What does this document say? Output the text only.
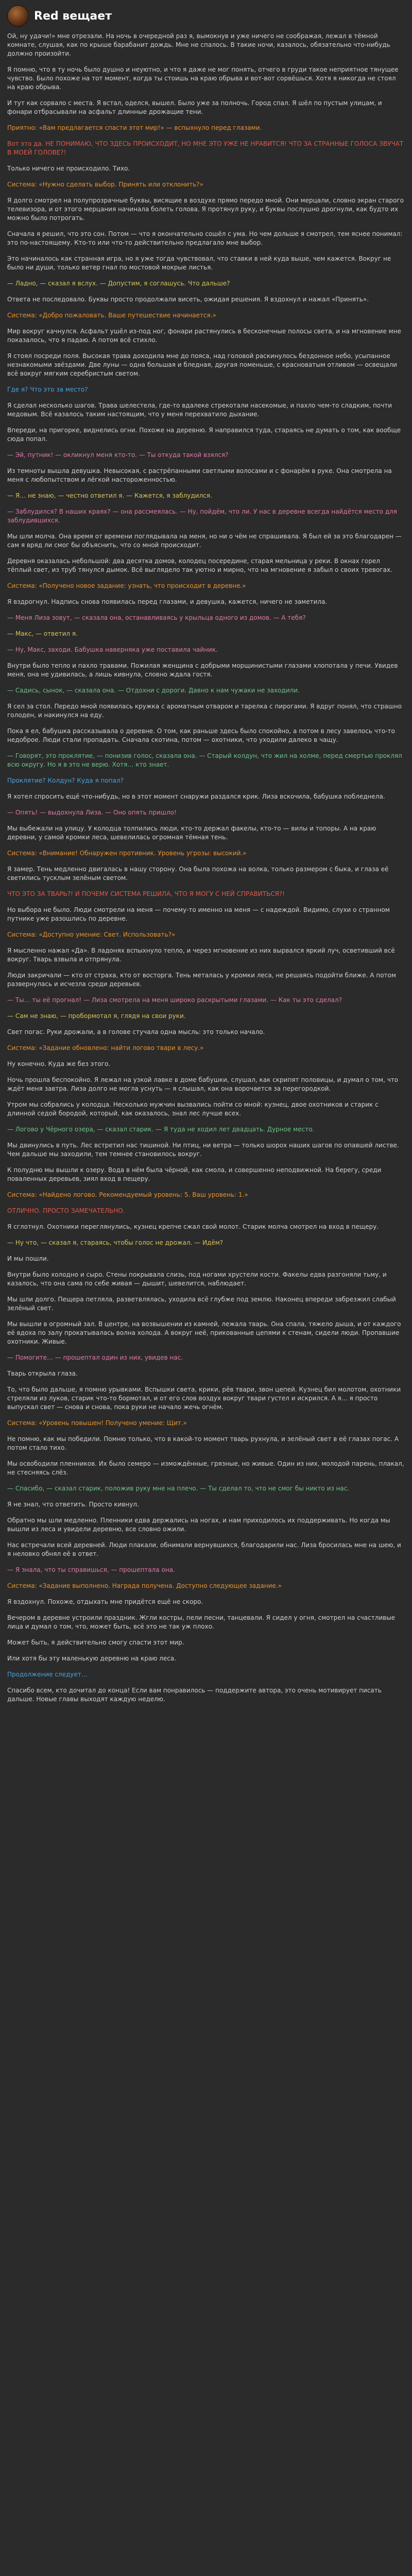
Red вещает

Ой, ну удачи!» мне отрезали. На ночь в очередной раз я, вымокнув и уже ничего не соображая, лежал в тёмной комнате, слушая, как по крыше барабанит дождь. Мне не спалось. В такие ночи, казалось, обязательно что-нибудь должно произойти.

Я помню, что в ту ночь было душно и неуютно, и что я даже не мог понять, отчего в груди такое неприятное тянущее чувство. Было похоже на тот момент, когда ты стоишь на краю обрыва и вот-вот сорвёшься. Хотя я никогда не стоял на краю обрыва.

И тут как сорвало с места. Я встал, оделся, вышел. Было уже за полночь. Город спал. Я шёл по пустым улицам, и фонари отбрасывали на асфальт длинные дрожащие тени.

Приятно: «Вам предлагается спасти этот мир!» — вспыхнуло перед глазами.

Вот это да. НЕ ПОНИМАЮ, ЧТО ЗДЕСЬ ПРОИСХОДИТ, НО МНЕ ЭТО УЖЕ НЕ НРАВИТСЯ! ЧТО ЗА СТРАННЫЕ ГОЛОСА ЗВУЧАТ В МОЕЙ ГОЛОВЕ?!

Только ничего не происходило. Тихо.

Система: «Нужно сделать выбор. Принять или отклонить?»

Я долго смотрел на полупрозрачные буквы, висящие в воздухе прямо передо мной. Они мерцали, словно экран старого телевизора, и от этого мерцания начинала болеть голова. Я протянул руку, и буквы послушно дрогнули, как будто их можно было потрогать.

Сначала я решил, что это сон. Потом — что я окончательно сошёл с ума. Но чем дольше я смотрел, тем яснее понимал: это по-настоящему. Кто-то или что-то действительно предлагало мне выбор.

Это начиналось как странная игра, но я уже тогда чувствовал, что ставки в ней куда выше, чем кажется. Вокруг не было ни души, только ветер гнал по мостовой мокрые листья.

— Ладно, — сказал я вслух. — Допустим, я соглашусь. Что дальше?

Ответа не последовало. Буквы просто продолжали висеть, ожидая решения. Я вздохнул и нажал «Принять».

Система: «Добро пожаловать. Ваше путешествие начинается.»

Мир вокруг качнулся. Асфальт ушёл из-под ног, фонари растянулись в бесконечные полосы света, и на мгновение мне показалось, что я падаю. А потом всё стихло.

Я стоял посреди поля. Высокая трава доходила мне до пояса, над головой раскинулось бездонное небо, усыпанное незнакомыми звёздами. Две луны — одна большая и бледная, другая поменьше, с красноватым отливом — освещали всё вокруг мягким серебристым светом.

Где я? Что это за место?

Я сделал несколько шагов. Трава шелестела, где-то вдалеке стрекотали насекомые, и пахло чем-то сладким, почти медовым. Всё казалось таким настоящим, что у меня перехватило дыхание.

Впереди, на пригорке, виднелись огни. Похоже на деревню. Я направился туда, стараясь не думать о том, как вообще сюда попал.

— Эй, путник! — окликнул меня кто-то. — Ты откуда такой взялся?

Из темноты вышла девушка. Невысокая, с растрёпанными светлыми волосами и с фонарём в руке. Она смотрела на меня с любопытством и лёгкой настороженностью.

— Я… не знаю, — честно ответил я. — Кажется, я заблудился.

— Заблудился? В наших краях? — она рассмеялась. — Ну, пойдём, что ли. У нас в деревне всегда найдётся место для заблудившихся.

Мы шли молча. Она время от времени поглядывала на меня, но ни о чём не спрашивала. Я был ей за это благодарен — сам я вряд ли смог бы объяснить, что со мной происходит.

Деревня оказалась небольшой: два десятка домов, колодец посередине, старая мельница у реки. В окнах горел тёплый свет, из труб тянулся дымок. Всё выглядело так уютно и мирно, что на мгновение я забыл о своих тревогах.

Система: «Получено новое задание: узнать, что происходит в деревне.»

Я вздрогнул. Надпись снова появилась перед глазами, и девушка, кажется, ничего не заметила.

— Меня Лиза зовут, — сказала она, останавливаясь у крыльца одного из домов. — А тебя?

— Макс, — ответил я.

— Ну, Макс, заходи. Бабушка наверняка уже поставила чайник.

Внутри было тепло и пахло травами. Пожилая женщина с добрыми морщинистыми глазами хлопотала у печи. Увидев меня, она не удивилась, а лишь кивнула, словно ждала гостя.

— Садись, сынок, — сказала она. — Отдохни с дороги. Давно к нам чужаки не заходили.

Я сел за стол. Передо мной появилась кружка с ароматным отваром и тарелка с пирогами. Я вдруг понял, что страшно голоден, и накинулся на еду.

Пока я ел, бабушка рассказывала о деревне. О том, как раньше здесь было спокойно, а потом в лесу завелось что-то недоброе. Люди стали пропадать. Сначала скотина, потом — охотники, что уходили далеко в чащу.

— Говорят, это проклятие, — понизив голос, сказала она. — Старый колдун, что жил на холме, перед смертью проклял всю округу. Но я в это не верю. Хотя… кто знает.

Проклятие? Колдун? Куда я попал?

Я хотел спросить ещё что-нибудь, но в этот момент снаружи раздался крик. Лиза вскочила, бабушка побледнела.

— Опять! — выдохнула Лиза. — Оно опять пришло!

Мы выбежали на улицу. У колодца толпились люди, кто-то держал факелы, кто-то — вилы и топоры. А на краю деревни, у самой кромки леса, шевелилась огромная тёмная тень.

Система: «Внимание! Обнаружен противник. Уровень угрозы: высокий.»

Я замер. Тень медленно двигалась в нашу сторону. Она была похожа на волка, только размером с быка, и глаза её светились тусклым зелёным светом.

ЧТО ЭТО ЗА ТВАРЬ?! И ПОЧЕМУ СИСТЕМА РЕШИЛА, ЧТО Я МОГУ С НЕЙ СПРАВИТЬСЯ?!

Но выбора не было. Люди смотрели на меня — почему-то именно на меня — с надеждой. Видимо, слухи о странном путнике уже разошлись по деревне.

Система: «Доступно умение: Свет. Использовать?»

Я мысленно нажал «Да». В ладонях вспыхнуло тепло, и через мгновение из них вырвался яркий луч, осветивший всё вокруг. Тварь взвыла и отпрянула.

Люди закричали — кто от страха, кто от восторга. Тень металась у кромки леса, не решаясь подойти ближе. А потом развернулась и исчезла среди деревьев.

— Ты… ты её прогнал! — Лиза смотрела на меня широко раскрытыми глазами. — Как ты это сделал?

— Сам не знаю, — пробормотал я, глядя на свои руки.

Свет погас. Руки дрожали, а в голове стучала одна мысль: это только начало.

Система: «Задание обновлено: найти логово твари в лесу.»

Ну конечно. Куда же без этого.

Ночь прошла беспокойно. Я лежал на узкой лавке в доме бабушки, слушал, как скрипят половицы, и думал о том, что ждёт меня завтра. Лиза долго не могла уснуть — я слышал, как она ворочается за перегородкой.

Утром мы собрались у колодца. Несколько мужчин вызвались пойти со мной: кузнец, двое охотников и старик с длинной седой бородой, который, как оказалось, знал лес лучше всех.

— Логово у Чёрного озера, — сказал старик. — Я туда не ходил лет двадцать. Дурное место.

Мы двинулись в путь. Лес встретил нас тишиной. Ни птиц, ни ветра — только шорох наших шагов по опавшей листве. Чем дальше мы заходили, тем темнее становилось вокруг.

К полудню мы вышли к озеру. Вода в нём была чёрной, как смола, и совершенно неподвижной. На берегу, среди поваленных деревьев, зиял вход в пещеру.

Система: «Найдено логово. Рекомендуемый уровень: 5. Ваш уровень: 1.»

ОТЛИЧНО. ПРОСТО ЗАМЕЧАТЕЛЬНО.

Я сглотнул. Охотники переглянулись, кузнец крепче сжал свой молот. Старик молча смотрел на вход в пещеру.

— Ну что, — сказал я, стараясь, чтобы голос не дрожал. — Идём?

И мы пошли.

Внутри было холодно и сыро. Стены покрывала слизь, под ногами хрустели кости. Факелы едва разгоняли тьму, и казалось, что она сама по себе живая — дышит, шевелится, наблюдает.

Мы шли долго. Пещера петляла, разветвлялась, уходила всё глубже под землю. Наконец впереди забрезжил слабый зелёный свет.

Мы вышли в огромный зал. В центре, на возвышении из камней, лежала тварь. Она спала, тяжело дыша, и от каждого её вдоха по залу прокатывалась волна холода. А вокруг неё, прикованные цепями к стенам, сидели люди. Пропавшие охотники. Живые.

— Помогите… — прошептал один из них, увидев нас.

Тварь открыла глаза.

То, что было дальше, я помню урывками. Вспышки света, крики, рёв твари, звон цепей. Кузнец бил молотом, охотники стреляли из луков, старик что-то бормотал, и от его слов воздух вокруг твари густел и искрился. А я… я просто выпускал свет — снова и снова, пока руки не начало жечь огнём.

Система: «Уровень повышен! Получено умение: Щит.»

Не помню, как мы победили. Помню только, что в какой-то момент тварь рухнула, и зелёный свет в её глазах погас. А потом стало тихо.

Мы освободили пленников. Их было семеро — измождённые, грязные, но живые. Один из них, молодой парень, плакал, не стесняясь слёз.

— Спасибо, — сказал старик, положив руку мне на плечо. — Ты сделал то, что не смог бы никто из нас.

Я не знал, что ответить. Просто кивнул.

Обратно мы шли медленно. Пленники едва держались на ногах, и нам приходилось их поддерживать. Но когда мы вышли из леса и увидели деревню, все словно ожили.

Нас встречали всей деревней. Люди плакали, обнимали вернувшихся, благодарили нас. Лиза бросилась мне на шею, и я неловко обнял её в ответ.

— Я знала, что ты справишься, — прошептала она.

Система: «Задание выполнено. Награда получена. Доступно следующее задание.»

Я вздохнул. Похоже, отдыхать мне придётся ещё не скоро.

Вечером в деревне устроили праздник. Жгли костры, пели песни, танцевали. Я сидел у огня, смотрел на счастливые лица и думал о том, что, может быть, всё это не так уж плохо.

Может быть, я действительно смогу спасти этот мир.

Или хотя бы эту маленькую деревню на краю леса.

Продолжение следует…

Спасибо всем, кто дочитал до конца! Если вам понравилось — поддержите автора, это очень мотивирует писать дальше. Новые главы выходят каждую неделю.
